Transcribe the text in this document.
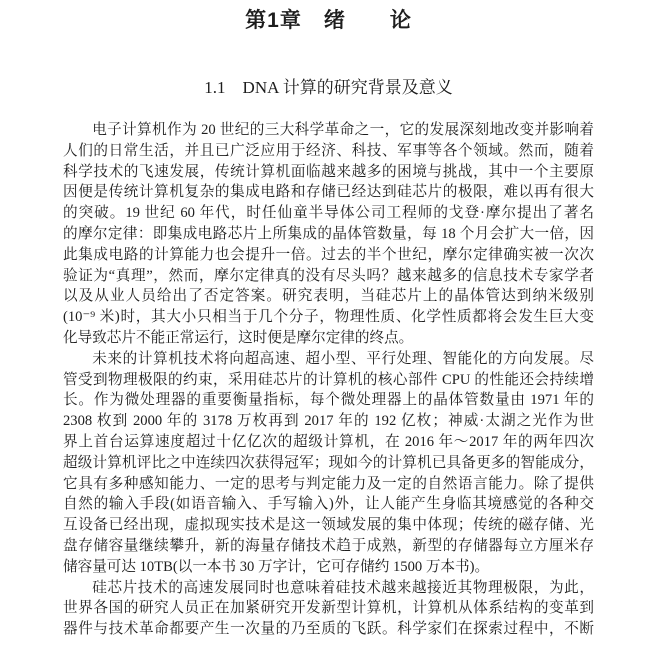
第1章　绪　　论
1.1　DNA 计算的研究背景及意义
电子计算机作为 20 世纪的三大科学革命之一，它的发展深刻地改变并影响着
人们的日常生活，并且已广泛应用于经济、科技、军事等各个领域。然而，随着
科学技术的飞速发展，传统计算机面临越来越多的困境与挑战，其中一个主要原
因便是传统计算机复杂的集成电路和存储已经达到硅芯片的极限，难以再有很大
的突破。19 世纪 60 年代，时任仙童半导体公司工程师的戈登·摩尔提出了著名
的摩尔定律：即集成电路芯片上所集成的晶体管数量，每 18 个月会扩大一倍，因
此集成电路的计算能力也会提升一倍。过去的半个世纪，摩尔定律确实被一次次
验证为“真理”，然而，摩尔定律真的没有尽头吗？越来越多的信息技术专家学者
以及从业人员给出了否定答案。研究表明，当硅芯片上的晶体管达到纳米级别
(10⁻⁹ 米)时，其大小只相当于几个分子，物理性质、化学性质都将会发生巨大变
化导致芯片不能正常运行，这时便是摩尔定律的终点。
未来的计算机技术将向超高速、超小型、平行处理、智能化的方向发展。尽
管受到物理极限的约束，采用硅芯片的计算机的核心部件 CPU 的性能还会持续增
长。作为微处理器的重要衡量指标，每个微处理器上的晶体管数量由 1971 年的
2308 枚到 2000 年的 3178 万枚再到 2017 年的 192 亿枚；神威·太湖之光作为世
界上首台运算速度超过十亿亿次的超级计算机，在 2016 年～2017 年的两年四次
超级计算机评比之中连续四次获得冠军；现如今的计算机已具备更多的智能成分，
它具有多种感知能力、一定的思考与判定能力及一定的自然语言能力。除了提供
自然的输入手段(如语音输入、手写输入)外，让人能产生身临其境感觉的各种交
互设备已经出现，虚拟现实技术是这一领域发展的集中体现；传统的磁存储、光
盘存储容量继续攀升，新的海量存储技术趋于成熟，新型的存储器每立方厘米存
储容量可达 10TB(以一本书 30 万字计，它可存储约 1500 万本书)。
硅芯片技术的高速发展同时也意味着硅技术越来越接近其物理极限，为此，
世界各国的研究人员正在加紧研究开发新型计算机，计算机从体系结构的变革到
器件与技术革命都要产生一次量的乃至质的飞跃。科学家们在探索过程中，不断
